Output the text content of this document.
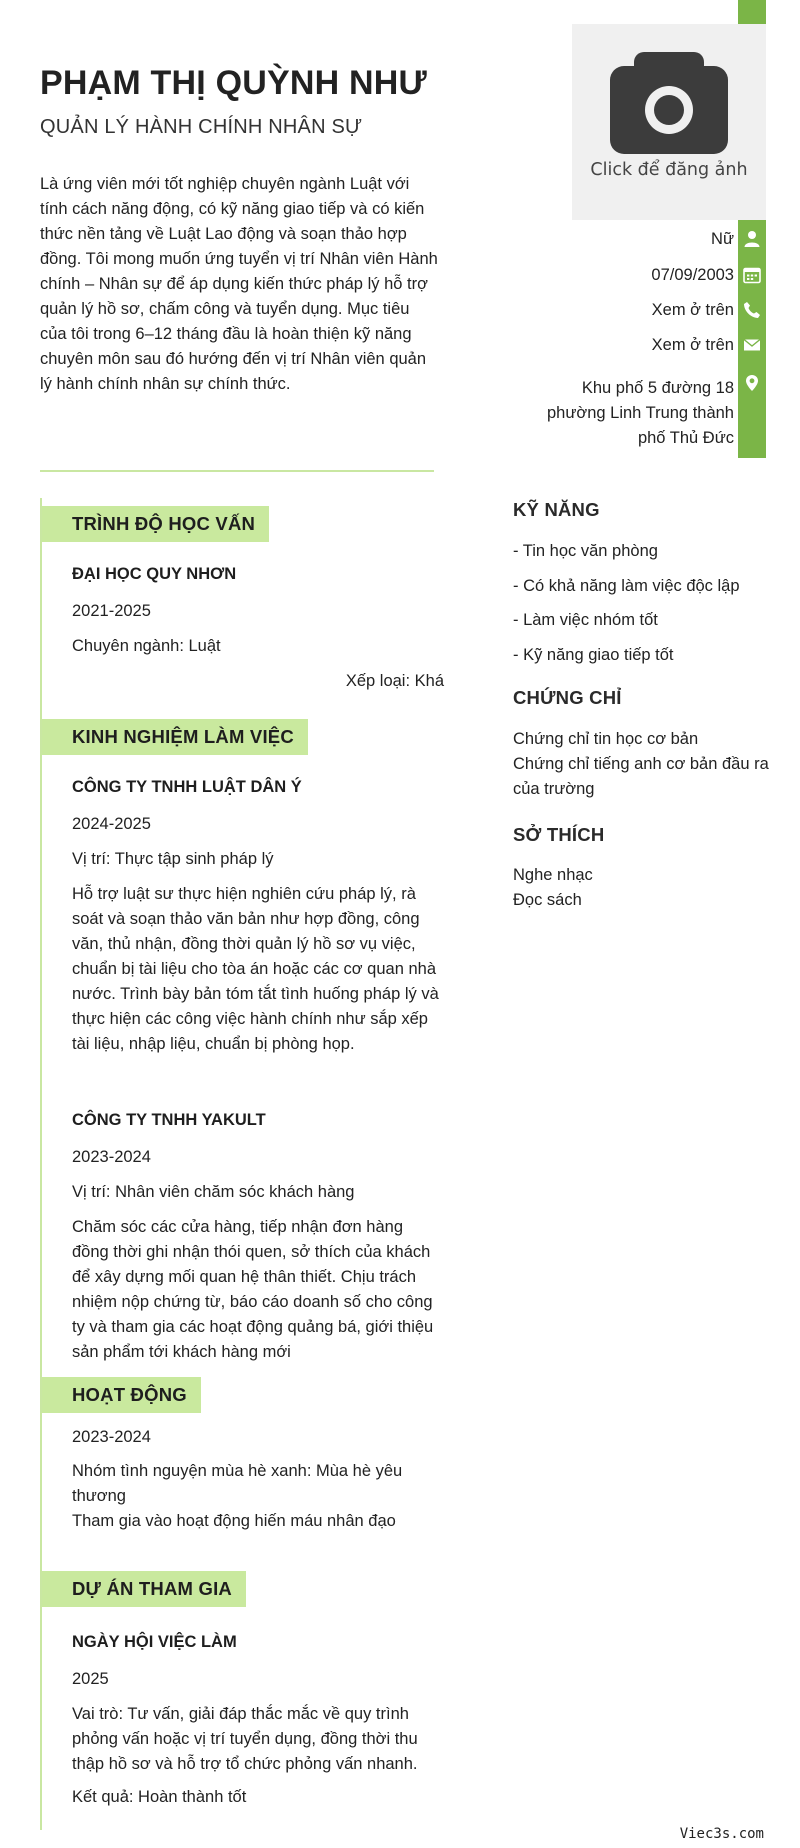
PHẠM THỊ QUỲNH NHƯ
QUẢN LÝ HÀNH CHÍNH NHÂN SỰ
Là ứng viên mới tốt nghiệp chuyên ngành Luật với tính cách năng động, có kỹ năng giao tiếp và có kiến thức nền tảng về Luật Lao động và soạn thảo hợp đồng. Tôi mong muốn ứng tuyển vị trí Nhân viên Hành chính – Nhân sự để áp dụng kiến thức pháp lý hỗ trợ quản lý hồ sơ, chấm công và tuyển dụng. Mục tiêu của tôi trong 6–12 tháng đầu là hoàn thiện kỹ năng chuyên môn sau đó hướng đến vị trí Nhân viên quản lý hành chính nhân sự chính thức.
Click để đăng ảnh
Nữ
07/09/2003
Xem ở trên
Xem ở trên
Khu phố 5 đường 18 phường Linh Trung thành phố Thủ Đức
TRÌNH ĐỘ HỌC VẤN
ĐẠI HỌC QUY NHƠN
2021-2025
Chuyên ngành: Luật
Xếp loại: Khá
KINH NGHIỆM LÀM VIỆC
CÔNG TY TNHH LUẬT DÂN Ý
2024-2025
Vị trí: Thực tập sinh pháp lý
Hỗ trợ luật sư thực hiện nghiên cứu pháp lý, rà soát và soạn thảo văn bản như hợp đồng, công văn, thủ nhận, đồng thời quản lý hồ sơ vụ việc, chuẩn bị tài liệu cho tòa án hoặc các cơ quan nhà nước. Trình bày bản tóm tắt tình huống pháp lý và thực hiện các công việc hành chính như sắp xếp tài liệu, nhập liệu, chuẩn bị phòng họp.
CÔNG TY TNHH YAKULT
2023-2024
Vị trí: Nhân viên chăm sóc khách hàng
Chăm sóc các cửa hàng, tiếp nhận đơn hàng đồng thời ghi nhận thói quen, sở thích của khách để xây dựng mối quan hệ thân thiết. Chịu trách nhiệm nộp chứng từ, báo cáo doanh số cho công ty và tham gia các hoạt động quảng bá, giới thiệu sản phẩm tới khách hàng mới
HOẠT ĐỘNG
2023-2024
Nhóm tình nguyện mùa hè xanh: Mùa hè yêu thương
Tham gia vào hoạt động hiến máu nhân đạo
DỰ ÁN THAM GIA
NGÀY HỘI VIỆC LÀM
2025
Vai trò: Tư vấn, giải đáp thắc mắc về quy trình phỏng vấn hoặc vị trí tuyển dụng, đồng thời thu thập hồ sơ và hỗ trợ tổ chức phỏng vấn nhanh.
Kết quả: Hoàn thành tốt
KỸ NĂNG
- Tin học văn phòng
- Có khả năng làm việc độc lập
- Làm việc nhóm tốt
- Kỹ năng giao tiếp tốt
CHỨNG CHỈ
Chứng chỉ tin học cơ bản
Chứng chỉ tiếng anh cơ bản đầu ra của trường
SỞ THÍCH
Nghe nhạc
Đọc sách
Viec3s.com
